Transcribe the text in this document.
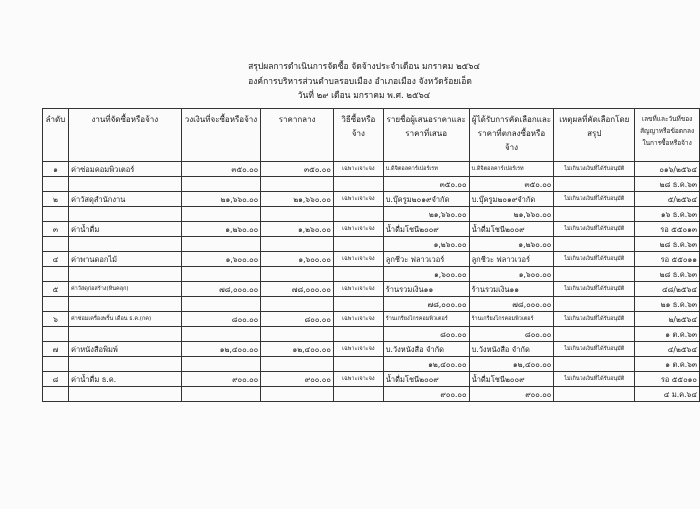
สรุปผลการดำเนินการจัดซื้อ จัดจ้างประจำเดือน มกราคม ๒๕๖๔
องค์การบริหารส่วนตำบลรอบเมือง อำเภอเมือง จังหวัดร้อยเอ็ด
วันที่ ๒๙ เดือน มกราคม พ.ศ. ๒๕๖๔
ลำดับ	งานที่จัดซื้อหรือจ้าง	วงเงินที่จะซื้อหรือจ้าง	ราคากลาง	วิธีซื้อหรือจ้าง	รายชื่อผู้เสนอราคาและราคาที่เสนอ	ผู้ได้รับการคัดเลือกและราคาที่ตกลงซื้อหรือจ้าง	เหตุผลที่คัดเลือกโดยสรุป	เลขที่และวันที่ของสัญญาหรือข้อตกลงในการซื้อหรือจ้าง
๑	ค่าซ่อมคอมพิวเตอร์	๓๕๐.๐๐	๓๕๐.๐๐	เฉพาะเจาะจง	บ.ดิจิตอลคาร์เปอร์เรท	บ.ดิจิตอลคาร์เปอร์เรท	ไม่เกินวงเงินที่ได้รับอนุมัติ	๐๑๖/๒๕๖๔
					๓๕๐.๐๐	๓๕๐.๐๐		๒๘ ธ.ค.๖๓
๒	ค่าวัสดุสำนักงาน	๒๑,๖๖๐.๐๐	๒๑,๖๖๐.๐๐	เฉพาะเจาะจง	บ.บุ๊ครูม๒๐๑๙จำกัด	บ.บุ๊ครูม๒๐๑๙จำกัด	ไม่เกินวงเงินที่ได้รับอนุมัติ	๕/๒๕๖๔
					๒๑,๖๖๐.๐๐	๒๑,๖๖๐.๐๐		๑๖ ธ.ค.๖๓
๓	ค่าน้ำดื่ม	๑,๒๖๐.๐๐	๑,๒๖๐.๐๐	เฉพาะเจาะจง	น้ำดื่มโชนี๒๐๐๙	น้ำดื่มโชนี๒๐๐๙	ไม่เกินวงเงินที่ได้รับอนุมัติ	รอ ๕๕๐๑๓
					๑,๒๖๐.๐๐	๑,๒๖๐.๐๐		๒๘ ธ.ค.๖๓
๔	ค่าพานดอกไม้	๑,๖๐๐.๐๐	๑,๖๐๐.๐๐	เฉพาะเจาะจง	ลูกชีวะ ฟลาวเวอร์	ลูกชีวะ ฟลาวเวอร์	ไม่เกินวงเงินที่ได้รับอนุมัติ	รอ ๕๕๐๑๑
					๑,๖๐๐.๐๐	๑,๖๐๐.๐๐		๒๘ ธ.ค.๖๓
๕	ค่าวัสดุก่อสร้าง(หินคลุก)	๗๘,๐๐๐.๐๐	๗๘,๐๐๐.๐๐	เฉพาะเจาะจง	ร้านรวมเงิน๑๑	ร้านรวมเงิน๑๑	ไม่เกินวงเงินที่ได้รับอนุมัติ	๔๘/๒๕๖๔
					๗๘,๐๐๐.๐๐	๗๘,๐๐๐.๐๐		๒๑ ธ.ค.๖๓
๖	ค่าซ่อมเครื่องพริ้น เดือน ธ.ค.(กค)	๘๐๐.๐๐	๘๐๐.๐๐	เฉพาะเจาะจง	ร้านเกรียงไกรคอมพิวเตอร์	ร้านเกรียงไกรคอมพิวเตอร์	ไม่เกินวงเงินที่ได้รับอนุมัติ	๒/๒๕๖๔
					๘๐๐.๐๐	๘๐๐.๐๐		๑ ต.ค.๖๓
๗	ค่าหนังสือพิมพ์	๑๒,๔๐๐.๐๐	๑๒,๔๐๐.๐๐	เฉพาะเจาะจง	บ.วังหนังสือ จำกัด	บ.วังหนังสือ จำกัด	ไม่เกินวงเงินที่ได้รับอนุมัติ	๔/๒๕๖๔
					๑๒,๔๐๐.๐๐	๑๒,๔๐๐.๐๐		๑ ต.ค.๖๓
๘	ค่าน้ำดื่ม ธ.ค.	๙๐๐.๐๐	๙๐๐.๐๐	เฉพาะเจาะจง	น้ำดื่มโชนี๒๐๐๙	น้ำดื่มโชนี๒๐๐๙	ไม่เกินวงเงินที่ได้รับอนุมัติ	รอ ๕๕๐๑๐
					๙๐๐.๐๐	๙๐๐.๐๐		๔ ม.ค.๖๔
